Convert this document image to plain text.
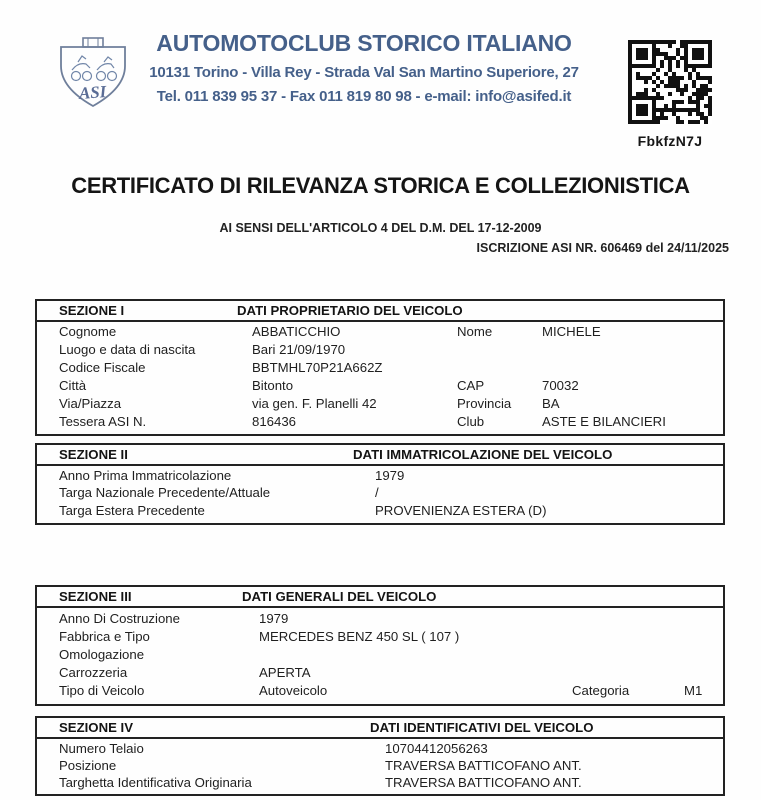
ASI
AUTOMOTOCLUB STORICO ITALIANO
10131 Torino - Villa Rey - Strada Val San Martino Superiore, 27
Tel. 011 839 95 37 - Fax 011 819 80 98 - e-mail: info@asifed.it
FbkfzN7J
CERTIFICATO DI RILEVANZA STORICA E COLLEZIONISTICA
AI SENSI DELL'ARTICOLO 4 DEL D.M. DEL 17-12-2009
ISCRIZIONE ASI NR. 606469 del 24/11/2025
SEZIONE I	DATI PROPRIETARIO DEL VEICOLO
Cognome	ABBATICCHIO	Nome	MICHELE
Luogo e data di nascita	Bari 21/09/1970
Codice Fiscale	BBTMHL70P21A662Z
Città	Bitonto	CAP	70032
Via/Piazza	via gen. F. Planelli 42	Provincia BA
Tessera ASI N.	816436	Club	ASTE E BILANCIERI
SEZIONE II	DATI IMMATRICOLAZIONE DEL VEICOLO
Anno Prima Immatricolazione	1979
Targa Nazionale Precedente/Attuale	/
Targa Estera Precedente	PROVENIENZA ESTERA (D)
SEZIONE III	DATI GENERALI DEL VEICOLO
Anno Di Costruzione	1979
Fabbrica e Tipo	MERCEDES BENZ 450 SL ( 107 )
Omologazione
Carrozzeria	APERTA
Tipo di Veicolo	Autoveicolo	Categoria	M1
SEZIONE IV	DATI IDENTIFICATIVI DEL VEICOLO
Numero Telaio	10704412056263
Posizione	TRAVERSA BATTICOFANO ANT.
Targhetta Identificativa Originaria	TRAVERSA BATTICOFANO ANT.
